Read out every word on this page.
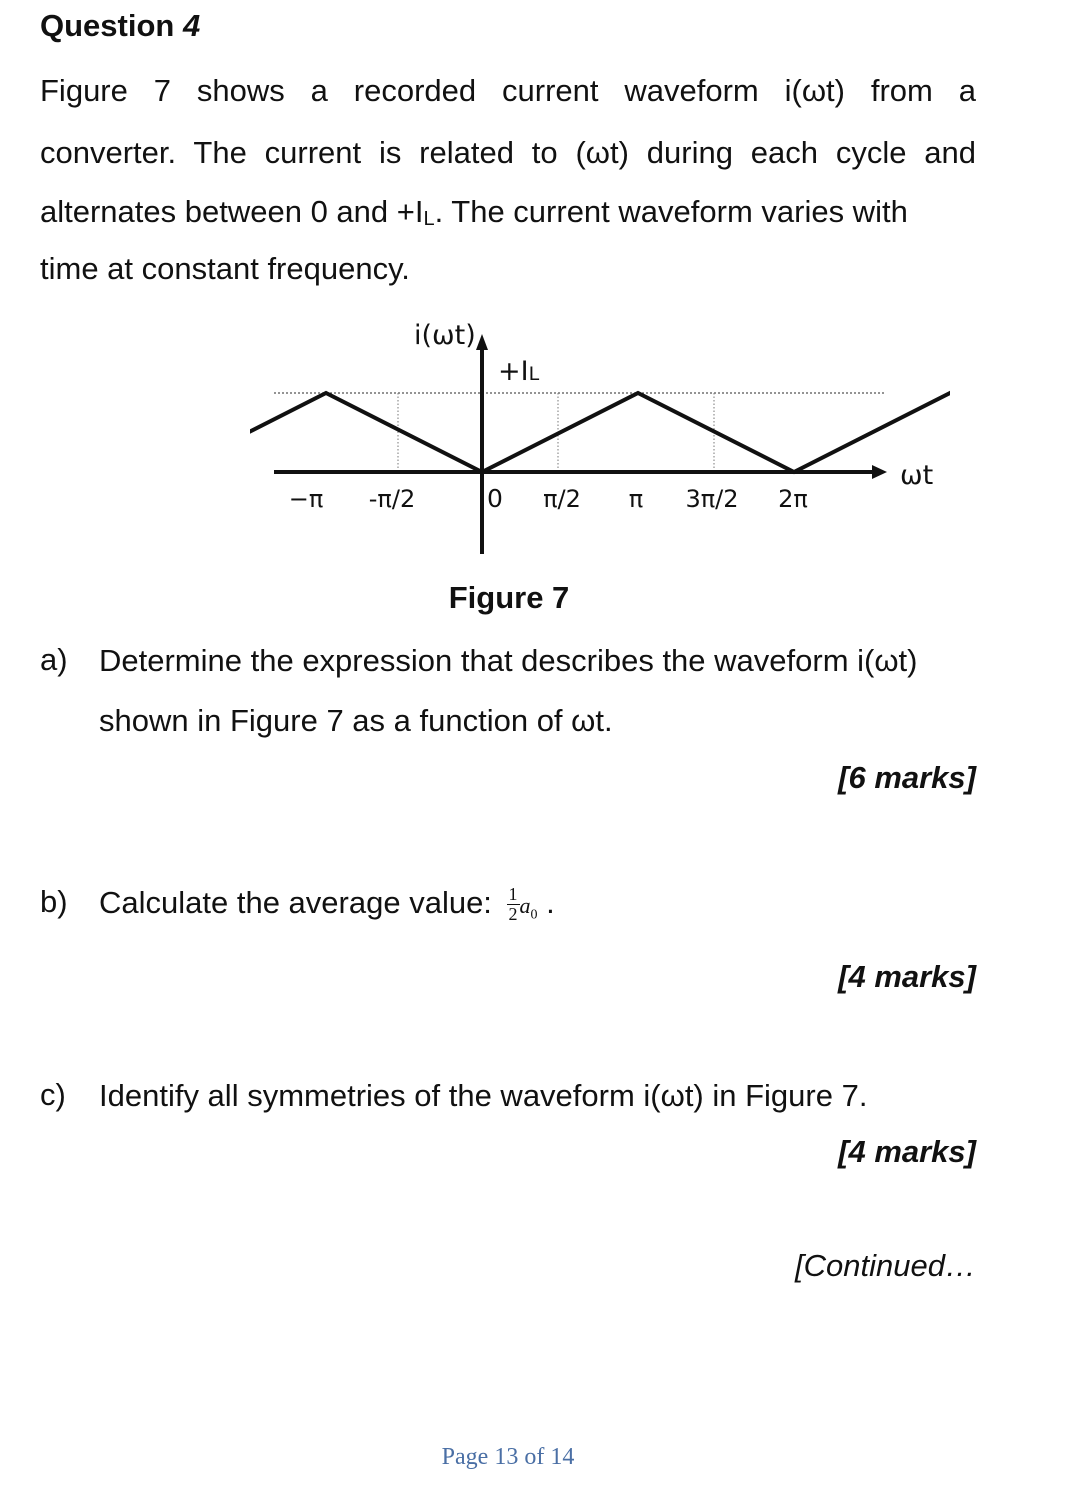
Question 4
Figure 7 shows a recorded current waveform i(ωt) from a
converter. The current is related to (ωt) during each cycle and
alternates between 0 and +IL. The current waveform varies with
time at constant frequency.
i(ωt)
+IL
ωt
−π -π/2	0 π/2 π 3π/2 2π
Figure 7
a) Determine the expression that describes the waveform i(ωt)
shown in Figure 7 as a function of ωt.
[6 marks]
b) Calculate the average value: $\frac{1}{2} a_0$ .
[4 marks]
c) Identify all symmetries of the waveform i(ωt) in Figure 7.
[4 marks]
[Continued…
Page 13 of 14
